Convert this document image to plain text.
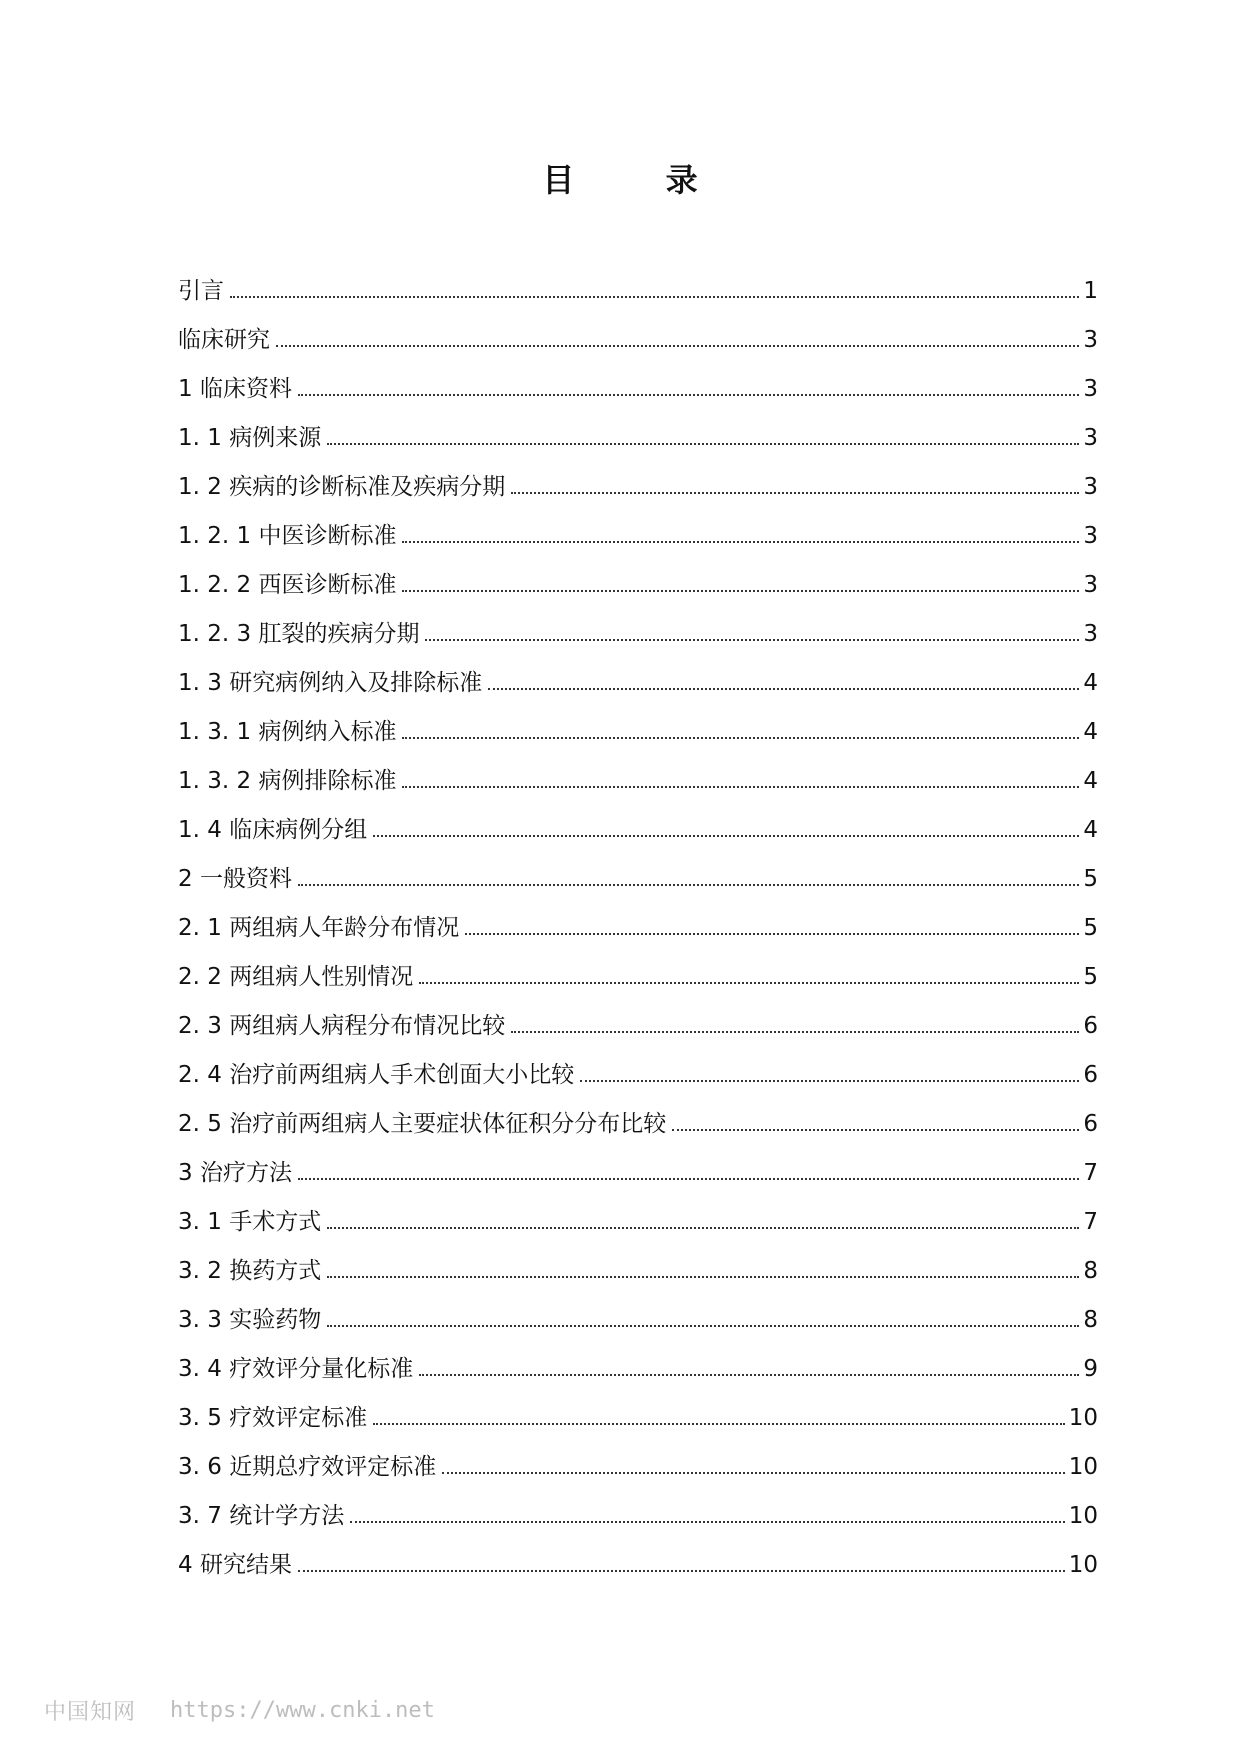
目 录
引言	1
临床研究	3
1 临床资料	3
1. 1 病例来源	3
1. 2 疾病的诊断标准及疾病分期	3
1. 2. 1 中医诊断标准	3
1. 2. 2 西医诊断标准	3
1. 2. 3 肛裂的疾病分期	3
1. 3 研究病例纳入及排除标准	4
1. 3. 1 病例纳入标准	4
1. 3. 2 病例排除标准	4
1. 4 临床病例分组	4
2 一般资料	5
2. 1 两组病人年龄分布情况	5
2. 2 两组病人性别情况	5
2. 3 两组病人病程分布情况比较	6
2. 4 治疗前两组病人手术创面大小比较	6
2. 5 治疗前两组病人主要症状体征积分分布比较	6
3 治疗方法	7
3. 1 手术方式	7
3. 2 换药方式	8
3. 3 实验药物	8
3. 4 疗效评分量化标准	9
3. 5 疗效评定标准	10
3. 6 近期总疗效评定标准	10
3. 7 统计学方法	10
4 研究结果	10
中国知网 https://www.cnki.net
